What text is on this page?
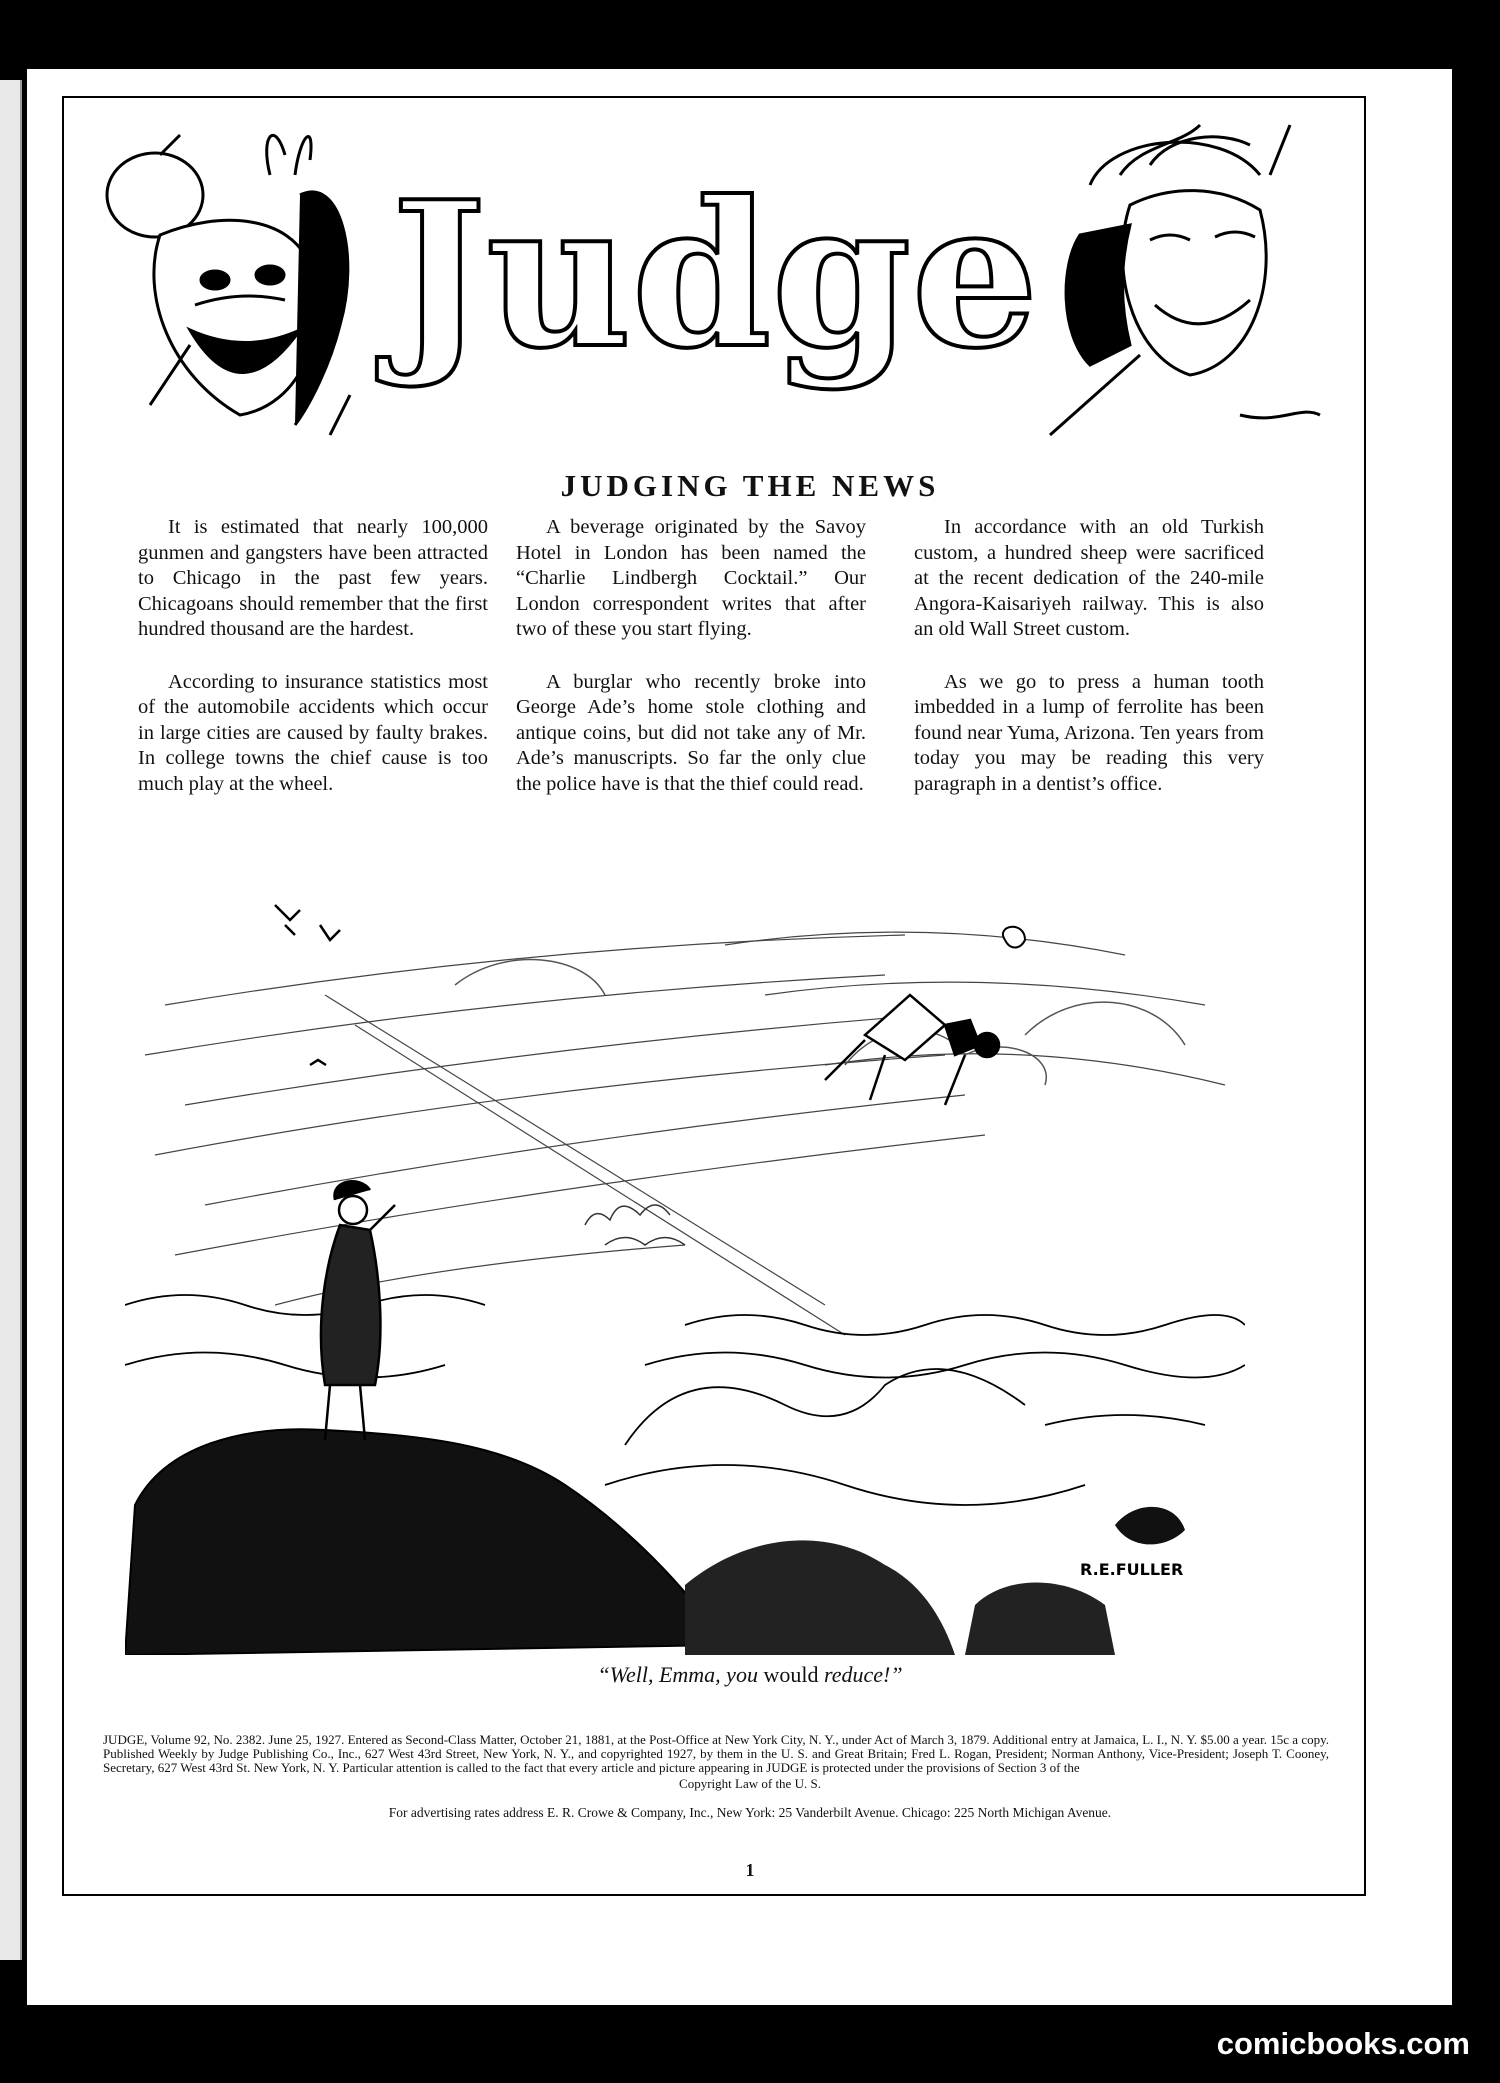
Judge
JUDGING THE NEWS

It is estimated that nearly 100,000 gunmen and gangsters have been attracted to Chicago in the past few years. Chicagoans should remember that the first hundred thousand are the hardest.

According to insurance statistics most of the automobile accidents which occur in large cities are caused by faulty brakes. In college towns the chief cause is too much play at the wheel.

A beverage originated by the Savoy Hotel in London has been named the “Charlie Lindbergh Cocktail.” Our London correspondent writes that after two of these you start flying.

A burglar who recently broke into George Ade’s home stole clothing and antique coins, but did not take any of Mr. Ade’s manuscripts. So far the only clue the police have is that the thief could read.

In accordance with an old Turkish custom, a hundred sheep were sacrificed at the recent dedication of the 240-mile Angora-Kaisariyeh railway. This is also an old Wall Street custom.

As we go to press a human tooth imbedded in a lump of ferrolite has been found near Yuma, Arizona. Ten years from today you may be reading this very paragraph in a dentist’s office.

R.E.FULLER
“Well, Emma, you would reduce!”
JUDGE, Volume 92, No. 2382. June 25, 1927. Entered as Second-Class Matter, October 21, 1881, at the Post-Office at New York City, N. Y., under Act of March 3, 1879. Additional entry at Jamaica, L. I., N. Y. $5.00 a year. 15c a copy. Published Weekly by Judge Publishing Co., Inc., 627 West 43rd Street, New York, N. Y., and copyrighted 1927, by them in the U. S. and Great Britain; Fred L. Rogan, President; Norman Anthony, Vice-President; Joseph T. Cooney, Secretary, 627 West 43rd St. New York, N. Y. Particular attention is called to the fact that every article and picture appearing in JUDGE is protected under the provisions of Section 3 of the
Copyright Law of the U. S.
For advertising rates address E. R. Crowe & Company, Inc., New York: 25 Vanderbilt Avenue. Chicago: 225 North Michigan Avenue.
1
comicbooks.com
